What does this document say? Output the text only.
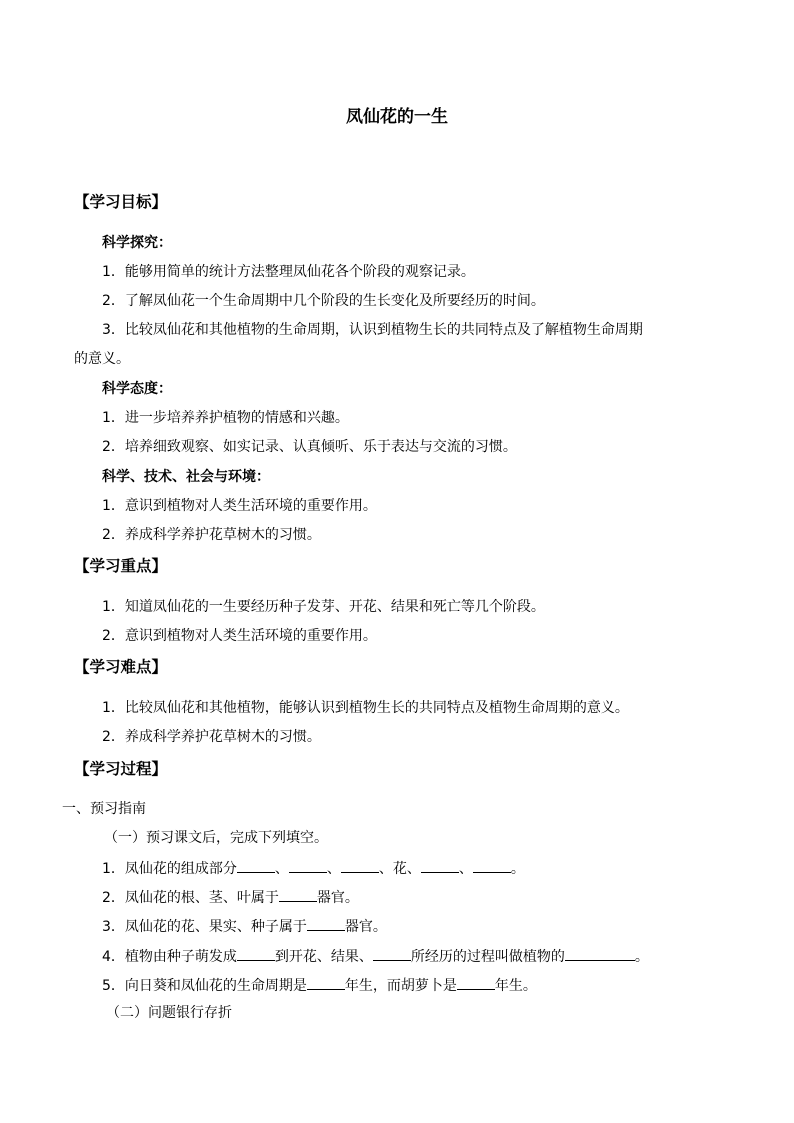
凤仙花的一生
【学习目标】
科学探究：
1．能够用简单的统计方法整理凤仙花各个阶段的观察记录。
2．了解凤仙花一个生命周期中几个阶段的生长变化及所要经历的时间。
3．比较凤仙花和其他植物的生命周期，认识到植物生长的共同特点及了解植物生命周期
的意义。
科学态度：
1．进一步培养养护植物的情感和兴趣。
2．培养细致观察、如实记录、认真倾听、乐于表达与交流的习惯。
科学、技术、社会与环境：
1．意识到植物对人类生活环境的重要作用。
2．养成科学养护花草树木的习惯。
【学习重点】
1．知道凤仙花的一生要经历种子发芽、开花、结果和死亡等几个阶段。
2．意识到植物对人类生活环境的重要作用。
【学习难点】
1．比较凤仙花和其他植物，能够认识到植物生长的共同特点及植物生命周期的意义。
2．养成科学养护花草树木的习惯。
【学习过程】
一、预习指南
（一）预习课文后，完成下列填空。
1．凤仙花的组成部分	、	、	、花、	、	。
2．凤仙花的根、茎、叶属于	器官。
3．凤仙花的花、果实、种子属于	器官。
4．植物由种子萌发成	到开花、结果、	所经历的过程叫做植物的	。
5．向日葵和凤仙花的生命周期是	年生，而胡萝卜是	年生。
（二）问题银行存折
